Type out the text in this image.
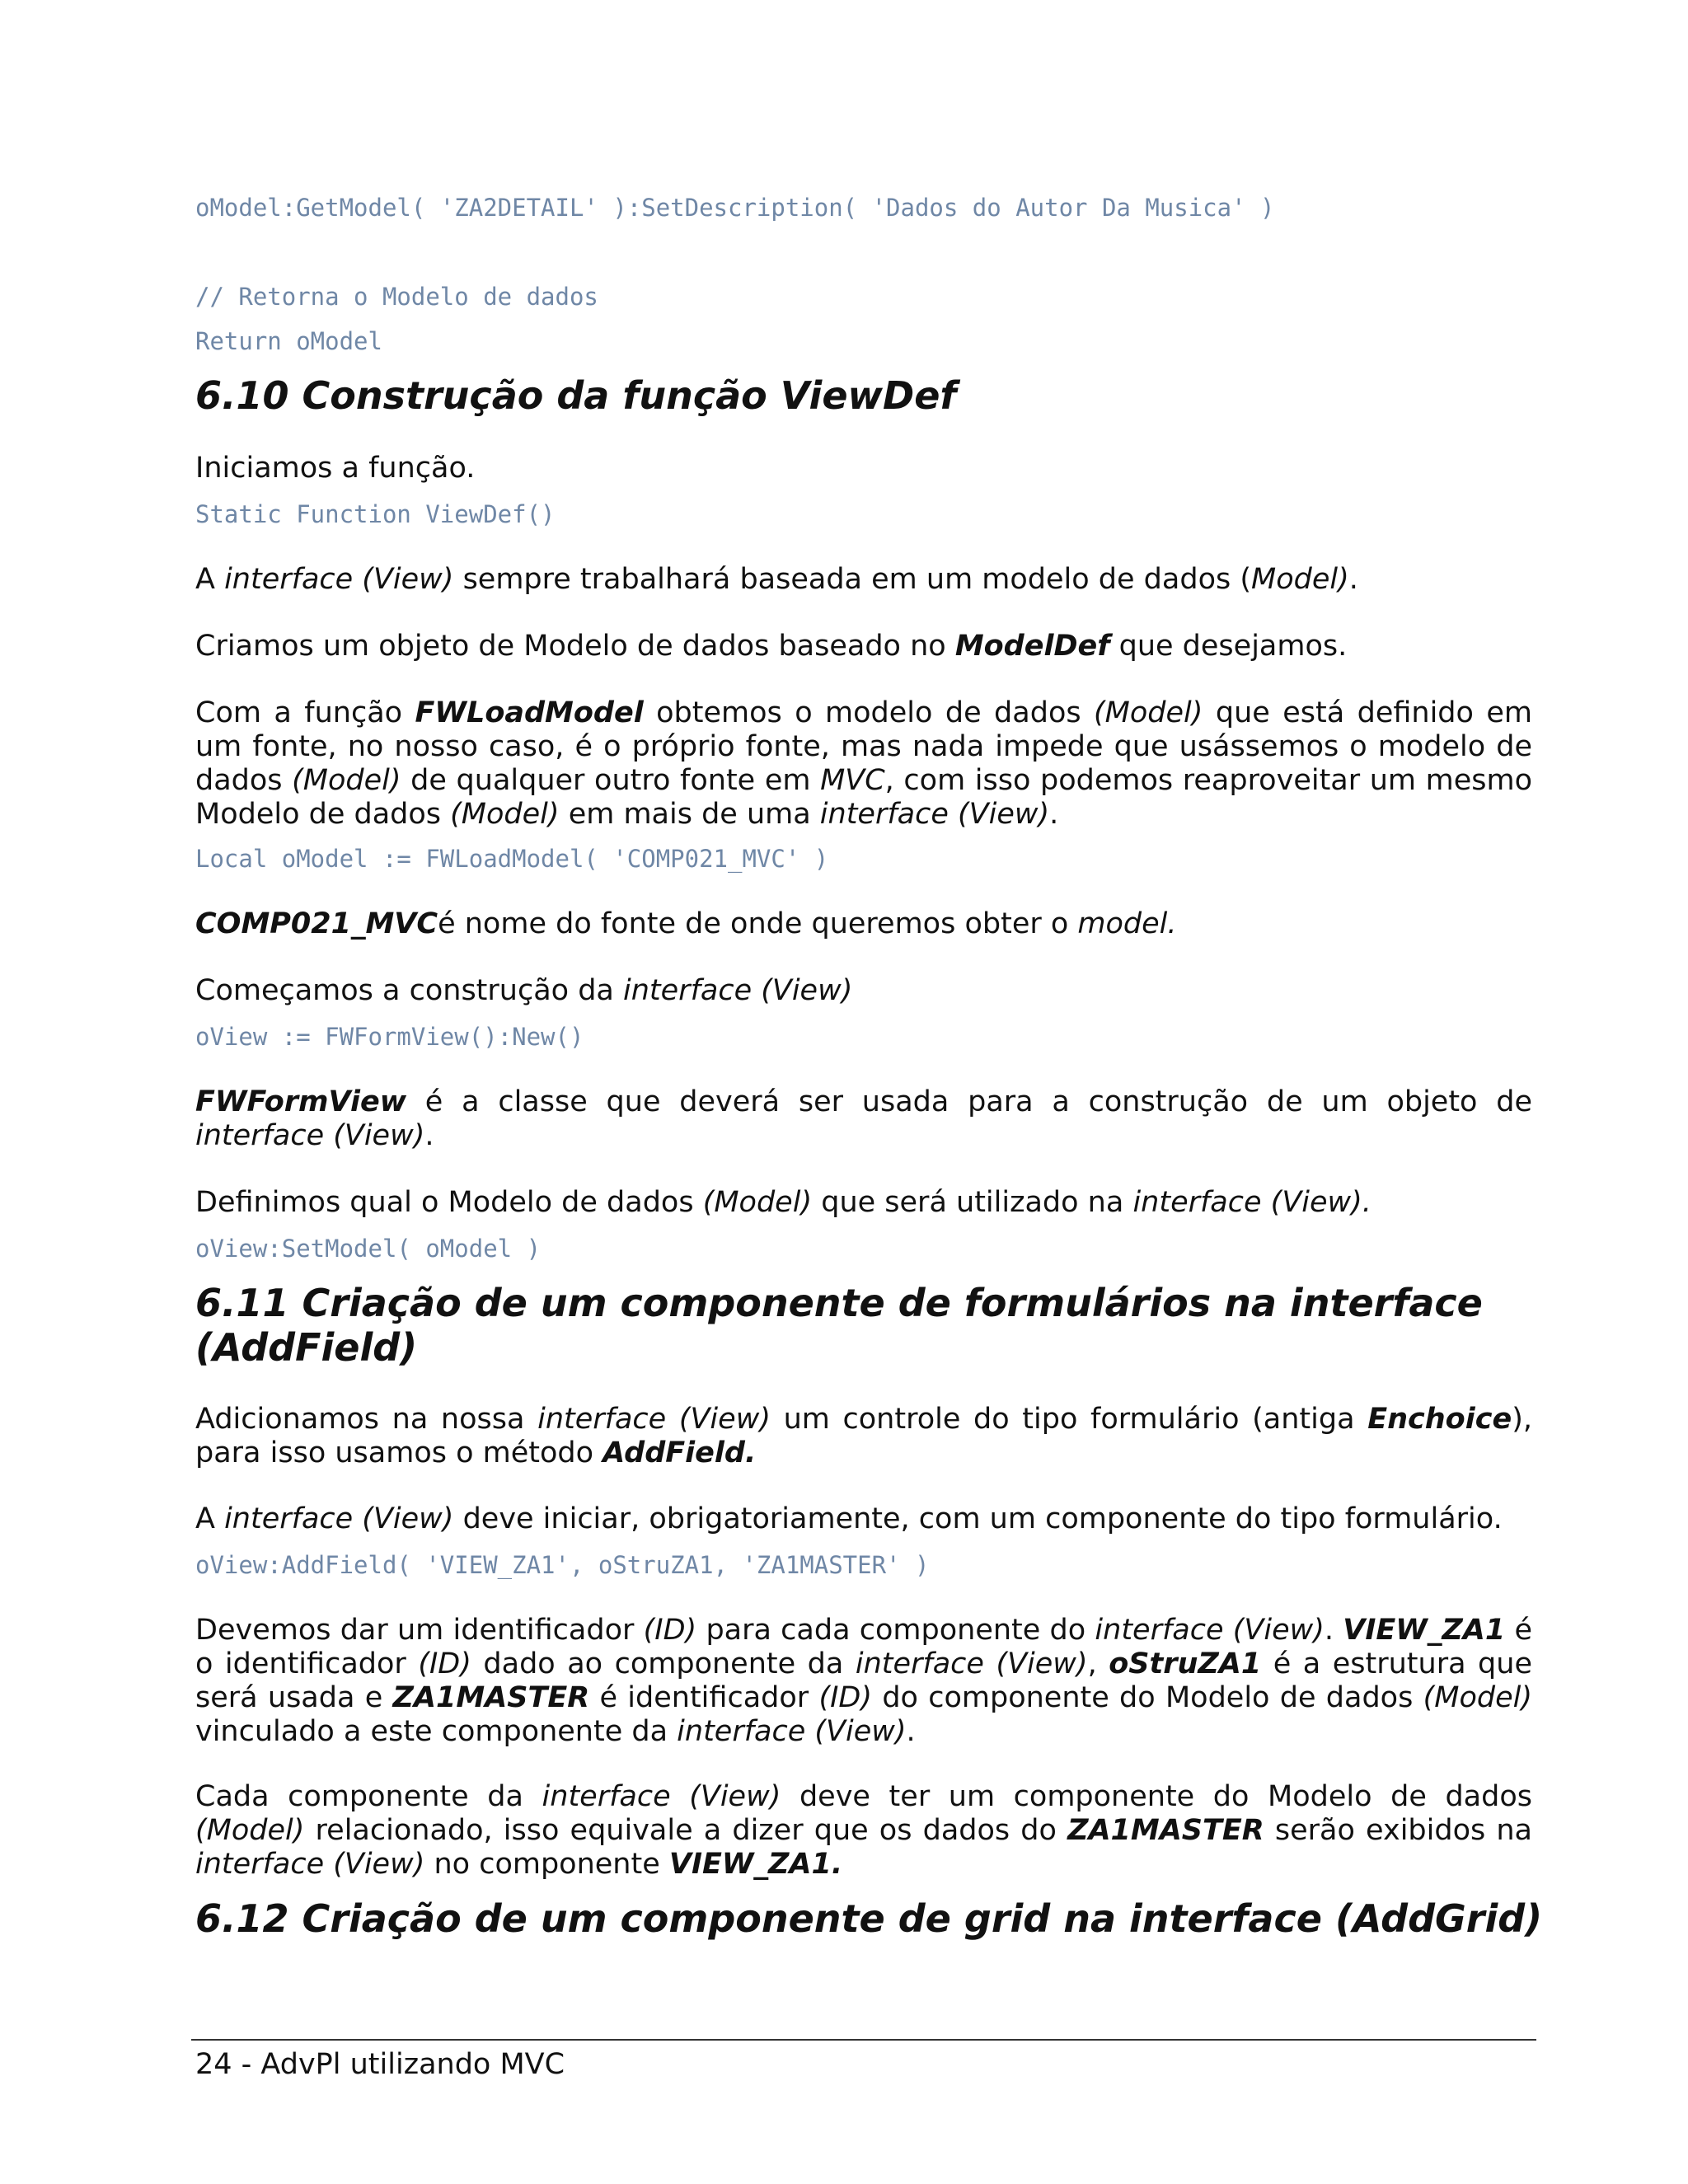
oModel:GetModel( 'ZA2DETAIL' ):SetDescription( 'Dados do Autor Da Musica' )
// Retorna o Modelo de dados
Return oModel
6.10 Construção da função ViewDef

Iniciamos a função.

Static Function ViewDef()

A interface (View) sempre trabalhará baseada em um modelo de dados (Model).

Criamos um objeto de Modelo de dados baseado no ModelDef que desejamos.

Com a função FWLoadModel obtemos o modelo de dados (Model) que está definido em um fonte, no nosso caso, é o próprio fonte, mas nada impede que usássemos o modelo de dados (Model) de qualquer outro fonte em MVC, com isso podemos reaproveitar um mesmo Modelo de dados (Model) em mais de uma interface (View).

Local oModel := FWLoadModel( 'COMP021_MVC' )

COMP021_MVCé nome do fonte de onde queremos obter o model.

Começamos a construção da interface (View)

oView := FWFormView():New()

FWFormView é a classe que deverá ser usada para a construção de um objeto de interface (View).

Definimos qual o Modelo de dados (Model) que será utilizado na interface (View).

oView:SetModel( oModel )
6.11 Criação de um componente de formulários na interface (AddField)

Adicionamos na nossa interface (View) um controle do tipo formulário (antiga Enchoice), para isso usamos o método AddField.

A interface (View) deve iniciar, obrigatoriamente, com um componente do tipo formulário.

oView:AddField( 'VIEW_ZA1', oStruZA1, 'ZA1MASTER' )

Devemos dar um identificador (ID) para cada componente do interface (View). VIEW_ZA1 é o identificador (ID) dado ao componente da interface (View), oStruZA1 é a estrutura que será usada e ZA1MASTER é identificador (ID) do componente do Modelo de dados (Model) vinculado a este componente da interface (View).

Cada componente da interface (View) deve ter um componente do Modelo de dados (Model) relacionado, isso equivale a dizer que os dados do ZA1MASTER serão exibidos na interface (View) no componente VIEW_ZA1.

6.12 Criação de um componente de grid na interface (AddGrid)
24 - AdvPl utilizando MVC
